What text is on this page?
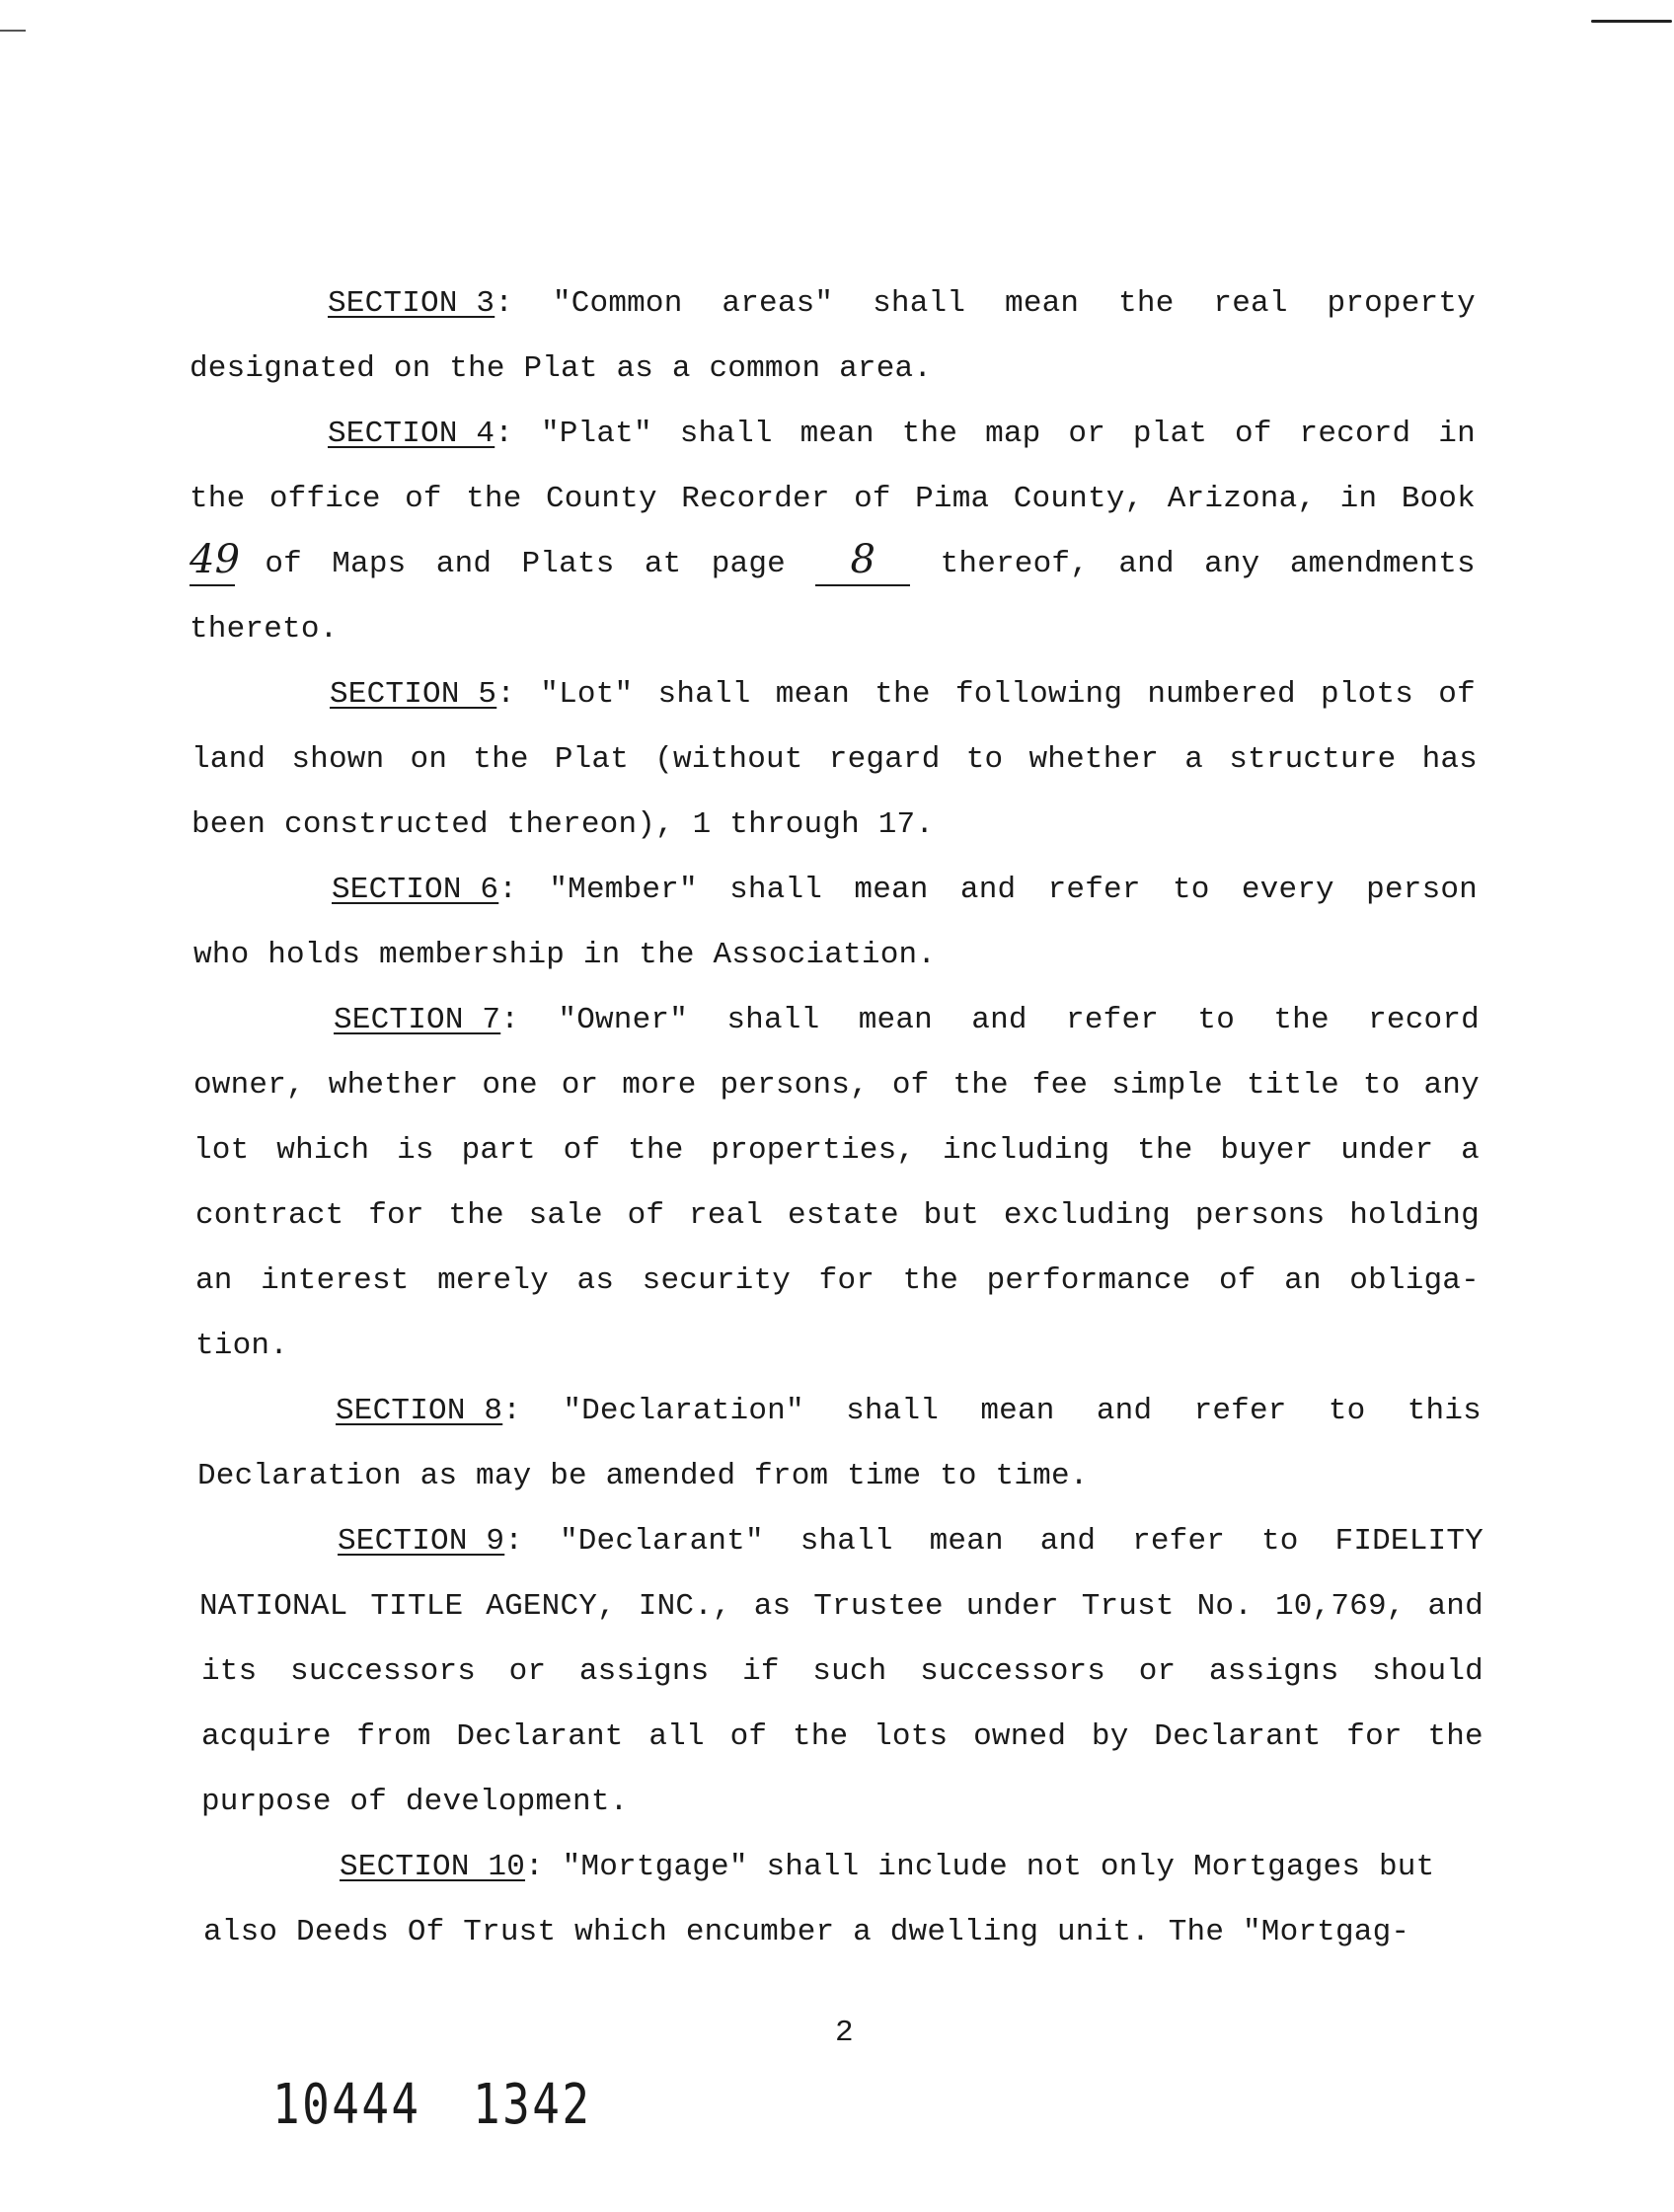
SECTION 3: "Common areas" shall mean the real property
designated on the Plat as a common area.
SECTION 4: "Plat" shall mean the map or plat of record in
the office of the County Recorder of Pima County, Arizona, in Book
49 of Maps and Plats at page	8	thereof, and any amendments
thereto.
SECTION 5: "Lot" shall mean the following numbered plots of
land shown on the Plat (without regard to whether a structure has
been constructed thereon), 1 through 17.
SECTION 6: "Member" shall mean and refer to every person
who holds membership in the Association.
SECTION 7: "Owner" shall mean and refer to the record
owner, whether one or more persons, of the fee simple title to any
lot which is part of the properties, including the buyer under a
contract for the sale of real estate but excluding persons holding
an interest merely as security for the performance of an obliga-
tion.
SECTION 8: "Declaration" shall mean and refer to this
Declaration as may be amended from time to time.
SECTION 9: "Declarant" shall mean and refer to FIDELITY
NATIONAL TITLE AGENCY, INC., as Trustee under Trust No. 10,769, and
its successors or assigns if such successors or assigns should
acquire from Declarant all of the lots owned by Declarant for the
purpose of development.
SECTION 10: "Mortgage" shall include not only Mortgages but
also Deeds Of Trust which encumber a dwelling unit. The "Mortgag-
2
10444 1342
